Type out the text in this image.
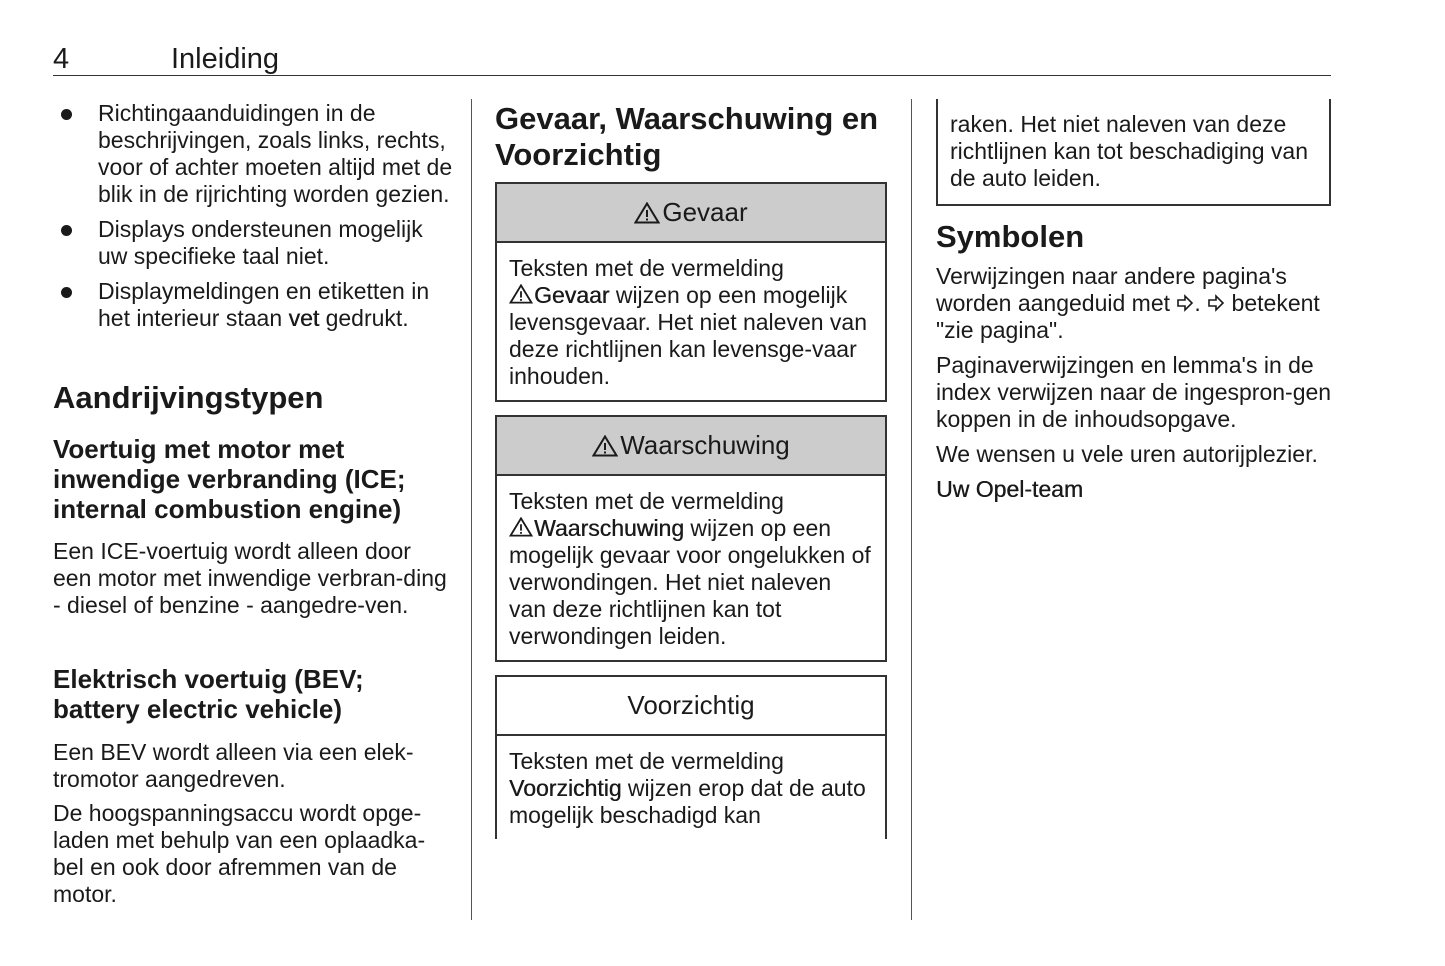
4	Inleiding
Richtingaanduidingen in de beschrijvingen, zoals links, rechts, voor of achter moeten altijd met de blik in de rijrichting worden gezien.
Displays ondersteunen mogelijk uw specifieke taal niet.
Displaymeldingen en etiketten in het interieur staan vet gedrukt.
Aandrijvingstypen
Voertuig met motor met inwendige verbranding (ICE; internal combustion engine)

Een ICE-voertuig wordt alleen door een motor met inwendige verbran-ding - diesel of benzine - aangedre-ven.

Elektrisch voertuig (BEV; battery electric vehicle)

Een BEV wordt alleen via een elek-tromotor aangedreven.

De hoogspanningsaccu wordt opge-laden met behulp van een oplaadka-bel en ook door afremmen van de motor.

Gevaar, Waarschuwing en Voorzichtig
Gevaar
Teksten met de vermelding
Gevaar wijzen op een mogelijk levensgevaar. Het niet naleven van deze richtlijnen kan levensge-vaar inhouden.
Waarschuwing
Teksten met de vermelding
Waarschuwing wijzen op een mogelijk gevaar voor ongelukken of verwondingen. Het niet naleven van deze richtlijnen kan tot verwondingen leiden.
Voorzichtig
Teksten met de vermelding
Voorzichtig wijzen erop dat de auto mogelijk beschadigd kan
raken. Het niet naleven van deze richtlijnen kan tot beschadiging van de auto leiden.
Symbolen

Verwijzingen naar andere pagina's worden aangeduid met .  betekent "zie pagina".

Paginaverwijzingen en lemma's in de index verwijzen naar de ingespron-gen koppen in de inhoudsopgave.

We wensen u vele uren autorijplezier.

Uw Opel-team
